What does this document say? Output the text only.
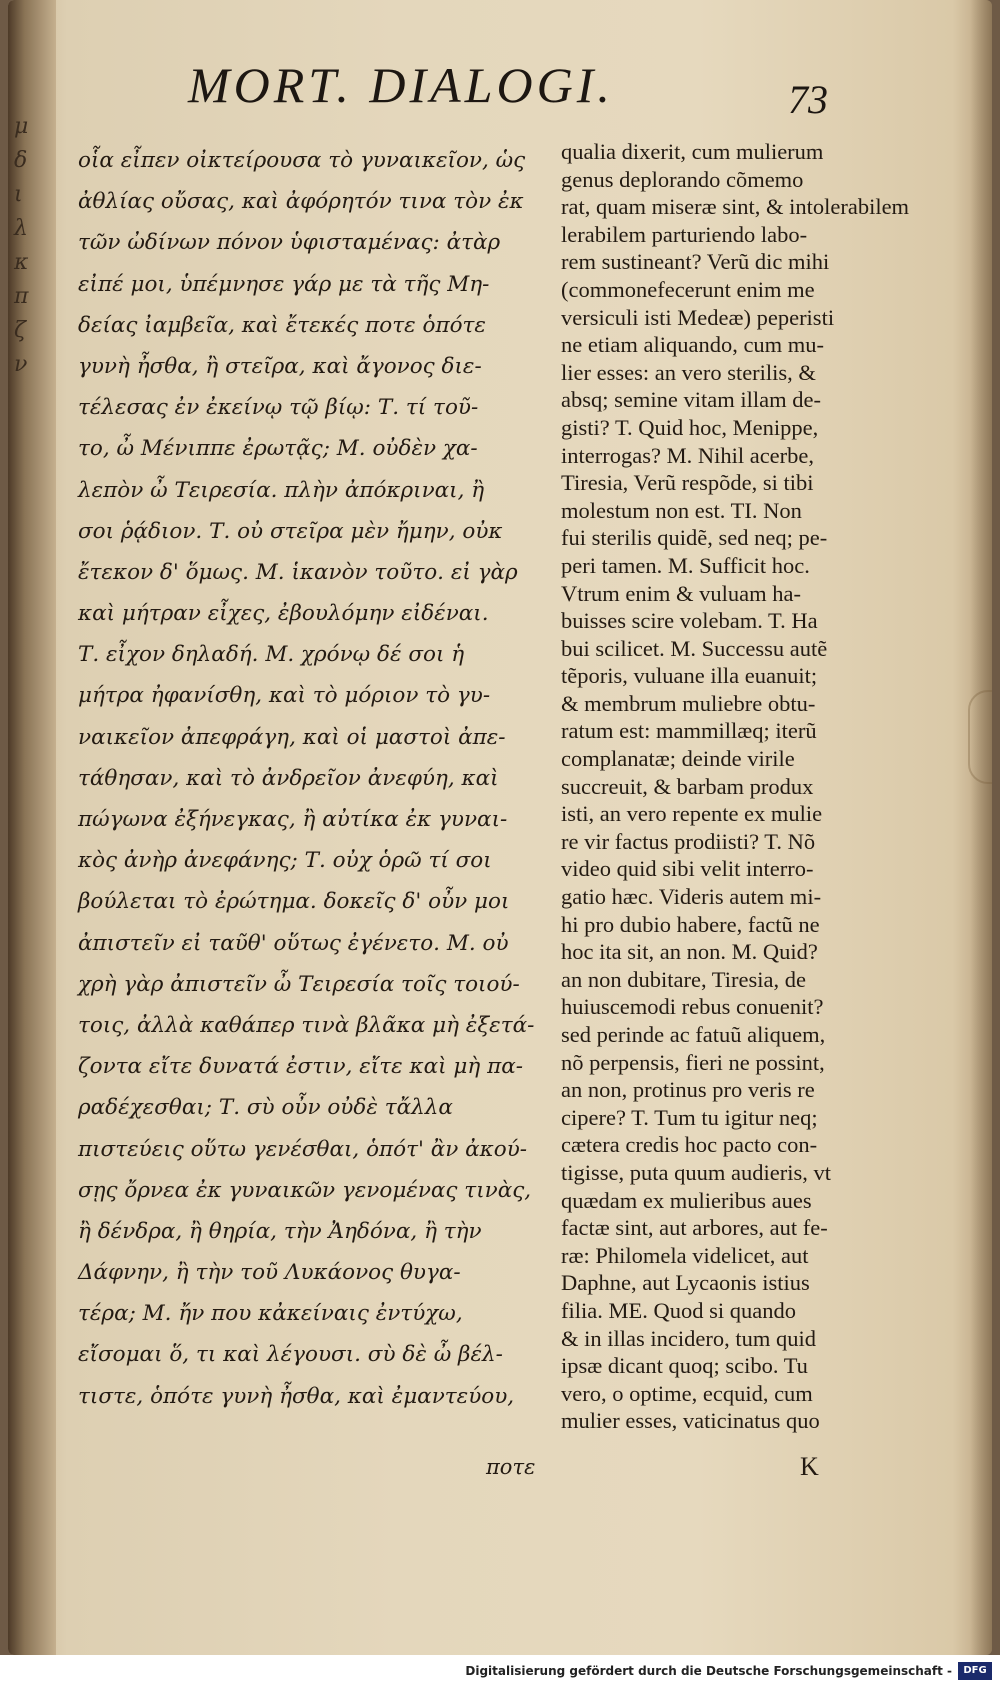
μ
δ
ι
λ
κ
π
ζ
ν
MORT. DIALOGI.	73
οἷα εἶπεν οἰκτείρουσα τὸ γυναικεῖον, ὡς
ἀθλίας οὔσας, καὶ ἀφόρητόν τινα τὸν ἐκ
τῶν ὠδίνων πόνον ὑφισταμένας: ἀτὰρ
εἰπέ μοι, ὑπέμνησε γάρ με τὰ τῆς Μη-
δείας ἰαμβεῖα, καὶ ἔτεκές ποτε ὁπότε
γυνὴ ἦσθα, ἢ στεῖρα, καὶ ἄγονος διε-
τέλεσας ἐν ἐκείνῳ τῷ βίῳ: Τ. τί τοῦ-
το, ὦ Μένιππε ἐρωτᾷς; Μ. οὐδὲν χα-
λεπὸν ὦ Τειρεσία. πλὴν ἀπόκριναι, ἢ
σοι ῥᾴδιον. Τ. οὐ στεῖρα μὲν ἤμην, οὐκ
ἔτεκον δ' ὅμως. Μ. ἱκανὸν τοῦτο. εἰ γὰρ
καὶ μήτραν εἶχες, ἐβουλόμην εἰδέναι.
Τ. εἶχον δηλαδή. Μ. χρόνῳ δέ σοι ἡ
μήτρα ἠφανίσθη, καὶ τὸ μόριον τὸ γυ-
ναικεῖον ἀπεφράγη, καὶ οἱ μαστοὶ ἀπε-
τάθησαν, καὶ τὸ ἀνδρεῖον ἀνεφύη, καὶ
πώγωνα ἐξήνεγκας, ἢ αὐτίκα ἐκ γυναι-
κὸς ἀνὴρ ἀνεφάνης; Τ. οὐχ ὁρῶ τί σοι
βούλεται τὸ ἐρώτημα. δοκεῖς δ' οὖν μοι
ἀπιστεῖν εἰ ταῦθ' οὕτως ἐγένετο. Μ. οὐ
χρὴ γὰρ ἀπιστεῖν ὦ Τειρεσία τοῖς τοιού-
τοις, ἀλλὰ καθάπερ τινὰ βλᾶκα μὴ ἐξετά-
ζοντα εἴτε δυνατά ἐστιν, εἴτε καὶ μὴ πα-
ραδέχεσθαι; Τ. σὺ οὖν οὐδὲ τἄλλα
πιστεύεις οὕτω γενέσθαι, ὁπότ' ἂν ἀκού-
σῃς ὄρνεα ἐκ γυναικῶν γενομένας τινὰς,
ἢ δένδρα, ἢ θηρία, τὴν Ἀηδόνα, ἢ τὴν
Δάφνην, ἢ τὴν τοῦ Λυκάονος θυγα-
τέρα; Μ. ἤν που κἀκείναις ἐντύχω,
εἴσομαι ὅ, τι καὶ λέγουσι. σὺ δὲ ὦ βέλ-
τιστε, ὁπότε γυνὴ ἦσθα, καὶ ἐμαντεύου,
qualia dixerit, cum mulierum
genus deplorando cõmemo
rat, quam miseræ sint, & intolerabilem
lerabilem parturiendo labo-
rem sustineant? Verũ dic mihi
(commonefecerunt enim me
versiculi isti Medeæ) peperisti
ne etiam aliquando, cum mu-
lier esses: an vero sterilis, &
absq; semine vitam illam de-
gisti? T. Quid hoc, Menippe,
interrogas? M. Nihil acerbe,
Tiresia, Verũ respõde, si tibi
molestum non est. TI. Non
fui sterilis quidẽ, sed neq; pe-
peri tamen. M. Sufficit hoc.
Vtrum enim & vuluam ha-
buisses scire volebam. T. Ha
bui scilicet. M. Successu autẽ
tẽporis, vuluane illa euanuit;
& membrum muliebre obtu-
ratum est: mammillæq; iterũ
complanatæ; deinde virile
succreuit, & barbam produx
isti, an vero repente ex mulie
re vir factus prodiisti? T. Nõ
video quid sibi velit interro-
gatio hæc. Videris autem mi-
hi pro dubio habere, factũ ne
hoc ita sit, an non. M. Quid?
an non dubitare, Tiresia, de
huiuscemodi rebus conuenit?
sed perinde ac fatuũ aliquem,
nõ perpensis, fieri ne possint,
an non, protinus pro veris re
cipere? T. Tum tu igitur neq;
cætera credis hoc pacto con-
tigisse, puta quum audieris, vt
quædam ex mulieribus aues
factæ sint, aut arbores, aut fe-
ræ: Philomela videlicet, aut
Daphne, aut Lycaonis istius
filia. ME. Quod si quando
& in illas incidero, tum quid
ipsæ dicant quoq; scibo. Tu
vero, o optime, ecquid, cum
mulier esses, vaticinatus quo
ποτε	K
Digitalisierung gefördert durch die Deutsche Forschungsgemeinschaft -	DFG
